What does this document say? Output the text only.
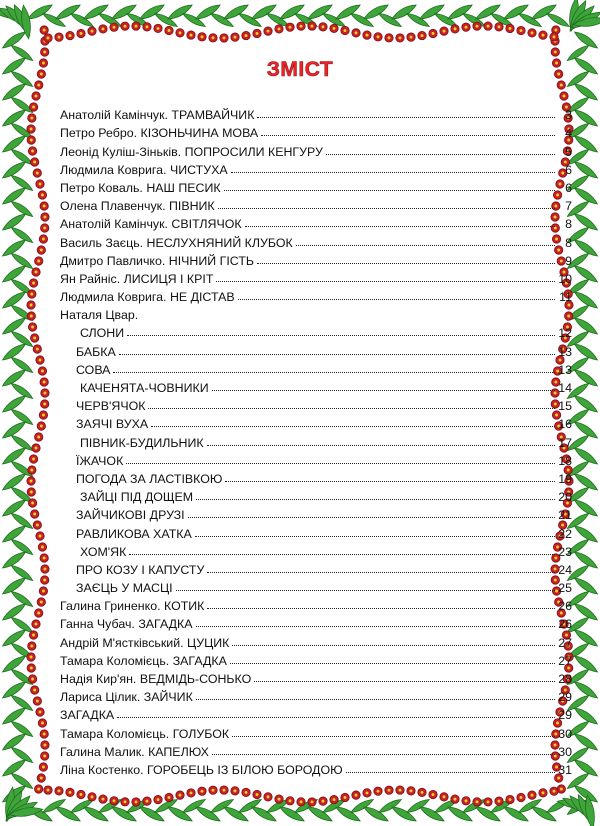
ЗМІСТ
Анатолій Камінчук.
ТРАМВАЙЧИК	3
Петро Ребро.
КІЗОНЬЧИНА МОВА	4
Леонід Куліш-Зіньків.
ПОПРОСИЛИ КЕНГУРУ	5
Людмила Коврига.
ЧИСТУХА	6
Петро Коваль.
НАШ ПЕСИК	6
Олена Плавенчук.
ПІВНИК	7
Анатолій Камінчук.
СВІТЛЯЧОК	8
Василь Заєць.
НЕСЛУХНЯНИЙ КЛУБОК	8
Дмитро Павличко.
НІЧНИЙ ГІСТЬ	9
Ян Райніс.
ЛИСИЦЯ І КРІТ	10
Людмила Коврига.
НЕ ДІСТАВ	11
Наталя Цвар.
СЛОНИ	12
БАБКА	13
СОВА	13
КАЧЕНЯТА-ЧОВНИКИ	14
ЧЕРВ'ЯЧОК	15
ЗАЯЧІ ВУХА	16
ПІВНИК-БУДИЛЬНИК	17
ЇЖАЧОК	18
ПОГОДА ЗА ЛАСТІВКОЮ	19
ЗАЙЦІ ПІД ДОЩЕМ	20
ЗАЙЧИКОВІ ДРУЗІ	21
РАВЛИКОВА ХАТКА	22
ХОМ'ЯК	23
ПРО КОЗУ І КАПУСТУ	24
ЗАЄЦЬ У МАСЦІ	25
Галина Гриненко.
КОТИК	26
Ганна Чубач.
ЗАГАДКА	26
Андрій М'ястківський.
ЦУЦИК	27
Тамара Коломієць.
ЗАГАДКА	27
Надія Кир'ян.
ВЕДМІДЬ-СОНЬКО	28
Лариса Цілик.
ЗАЙЧИК	29
ЗАГАДКА	29
Тамара Коломієць.
ГОЛУБОК	30
Галина Малик.
КАПЕЛЮХ	30
Ліна Костенко.
ГОРОБЕЦЬ ІЗ БІЛОЮ БОРОДОЮ	31
